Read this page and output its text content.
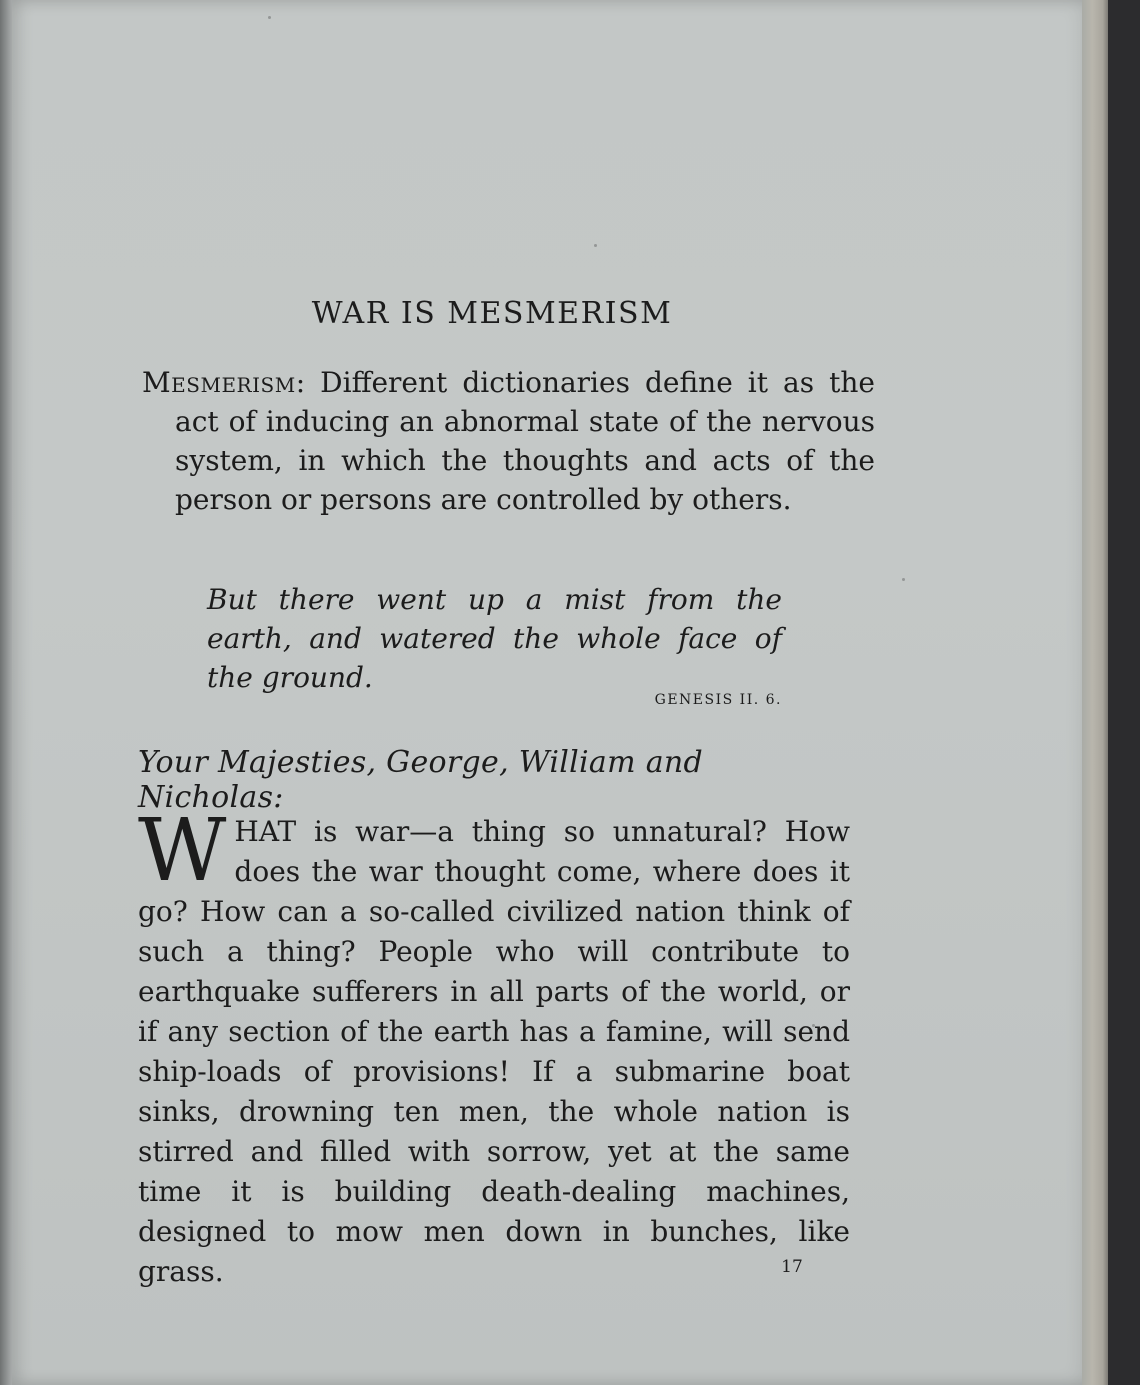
WAR IS MESMERISM
Mesmerism: Different dictionaries define it as the act of inducing an abnormal state of the nervous system, in which the thoughts and acts of the person or persons are controlled by others.
But there went up a mist from the earth, and watered the whole face of the ground.
GENESIS II. 6.
Your Majesties, George, William and Nicholas:
WHAT is war—a thing so unnatural? How does the war thought come, where does it go? How can a so-called civilized nation think of such a thing? People who will contribute to earthquake sufferers in all parts of the world, or if any section of the earth has a famine, will send ship-loads of provisions! If a submarine boat sinks, drowning ten men, the whole nation is stirred and filled with sorrow, yet at the same time it is building death-dealing machines, designed to mow men down in bunches, like grass.	17
